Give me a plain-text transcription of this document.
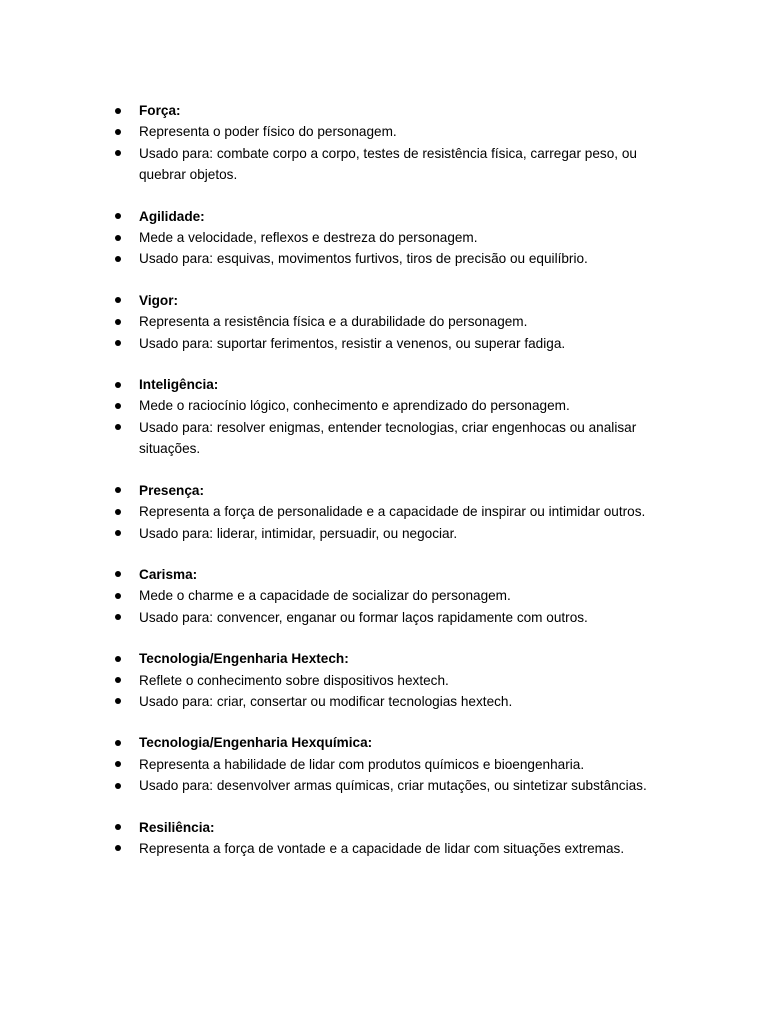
Força:
Representa o poder físico do personagem.
Usado para: combate corpo a corpo, testes de resistência física, carregar peso, ou quebrar objetos.
Agilidade:
Mede a velocidade, reflexos e destreza do personagem.
Usado para: esquivas, movimentos furtivos, tiros de precisão ou equilíbrio.
Vigor:
Representa a resistência física e a durabilidade do personagem.
Usado para: suportar ferimentos, resistir a venenos, ou superar fadiga.
Inteligência:
Mede o raciocínio lógico, conhecimento e aprendizado do personagem.
Usado para: resolver enigmas, entender tecnologias, criar engenhocas ou analisar situações.
Presença:
Representa a força de personalidade e a capacidade de inspirar ou intimidar outros.
Usado para: liderar, intimidar, persuadir, ou negociar.
Carisma:
Mede o charme e a capacidade de socializar do personagem.
Usado para: convencer, enganar ou formar laços rapidamente com outros.
Tecnologia/Engenharia Hextech:
Reflete o conhecimento sobre dispositivos hextech.
Usado para: criar, consertar ou modificar tecnologias hextech.
Tecnologia/Engenharia Hexquímica:
Representa a habilidade de lidar com produtos químicos e bioengenharia.
Usado para: desenvolver armas químicas, criar mutações, ou sintetizar substâncias.
Resiliência:
Representa a força de vontade e a capacidade de lidar com situações extremas.
